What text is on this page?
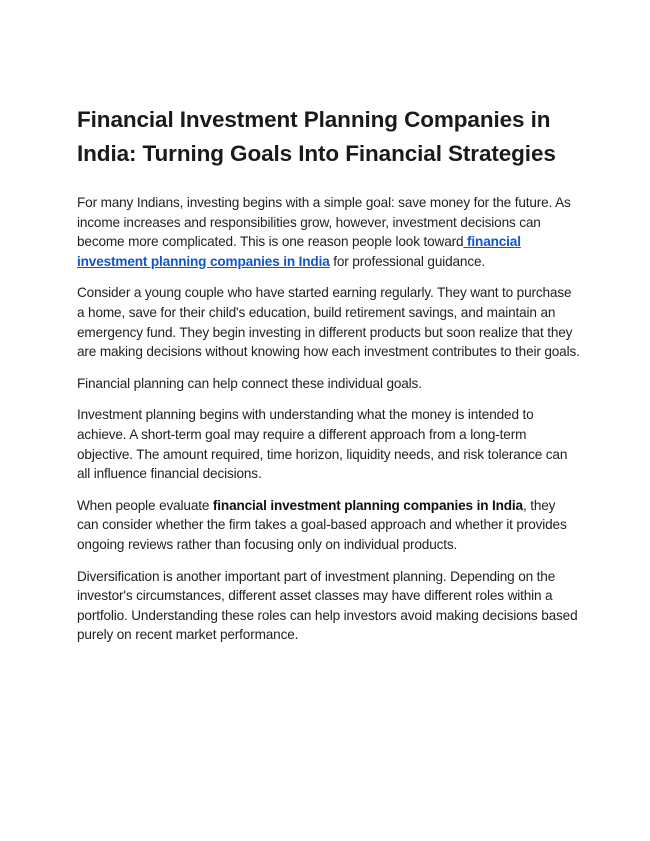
Financial Investment Planning Companies in India: Turning Goals Into Financial Strategies

For many Indians, investing begins with a simple goal: save money for the future. As income increases and responsibilities grow, however, investment decisions can become more complicated. This is one reason people look toward financial investment planning companies in India for professional guidance.

Consider a young couple who have started earning regularly. They want to purchase a home, save for their child's education, build retirement savings, and maintain an emergency fund. They begin investing in different products but soon realize that they are making decisions without knowing how each investment contributes to their goals.

Financial planning can help connect these individual goals.

Investment planning begins with understanding what the money is intended to achieve. A short-term goal may require a different approach from a long-term objective. The amount required, time horizon, liquidity needs, and risk tolerance can all influence financial decisions.

When people evaluate financial investment planning companies in India, they can consider whether the firm takes a goal-based approach and whether it provides ongoing reviews rather than focusing only on individual products.

Diversification is another important part of investment planning. Depending on the investor's circumstances, different asset classes may have different roles within a portfolio. Understanding these roles can help investors avoid making decisions based purely on recent market performance.
